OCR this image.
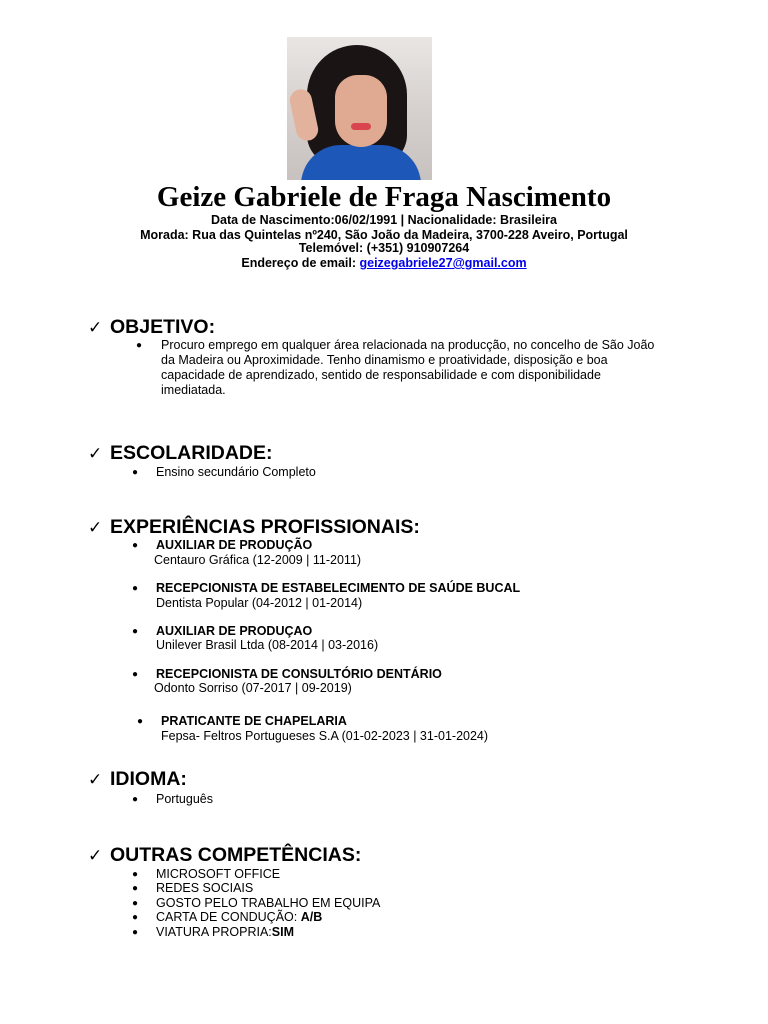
Geize Gabriele de Fraga Nascimento
Data de Nascimento:06/02/1991 | Nacionalidade: Brasileira
Morada: Rua das Quintelas nº240, São João da Madeira, 3700-228 Aveiro, Portugal
Telemóvel: (+351) 910907264
Endereço de email: geizegabriele27@gmail.com
✓ OBJETIVO:
● Procuro emprego em qualquer área relacionada na producção, no concelho de São João da Madeira ou Aproximidade. Tenho dinamismo e proatividade, disposição e boa capacidade de aprendizado, sentido de responsabilidade e com disponibilidade imediatada.
✓ ESCOLARIDADE:
● Ensino secundário Completo
✓ EXPERIÊNCIAS PROFISSIONAIS:
● AUXILIAR DE PRODUÇÃO
Centauro Gráfica (12-2009 | 11-2011)
● RECEPCIONISTA DE ESTABELECIMENTO DE SAÚDE BUCAL
Dentista Popular (04-2012 | 01-2014)
● AUXILIAR DE PRODUÇAO
Unilever Brasil Ltda (08-2014 | 03-2016)
● RECEPCIONISTA DE CONSULTÓRIO DENTÁRIO
Odonto Sorriso (07-2017 | 09-2019)
● PRATICANTE DE CHAPELARIA
Fepsa- Feltros Portugueses S.A (01-02-2023 | 31-01-2024)
✓ IDIOMA:
● Português
✓ OUTRAS COMPETÊNCIAS:
● MICROSOFT OFFICE
● REDES SOCIAIS
● GOSTO PELO TRABALHO EM EQUIPA
● CARTA DE CONDUÇÃO: A/B
● VIATURA PROPRIA:SIM
